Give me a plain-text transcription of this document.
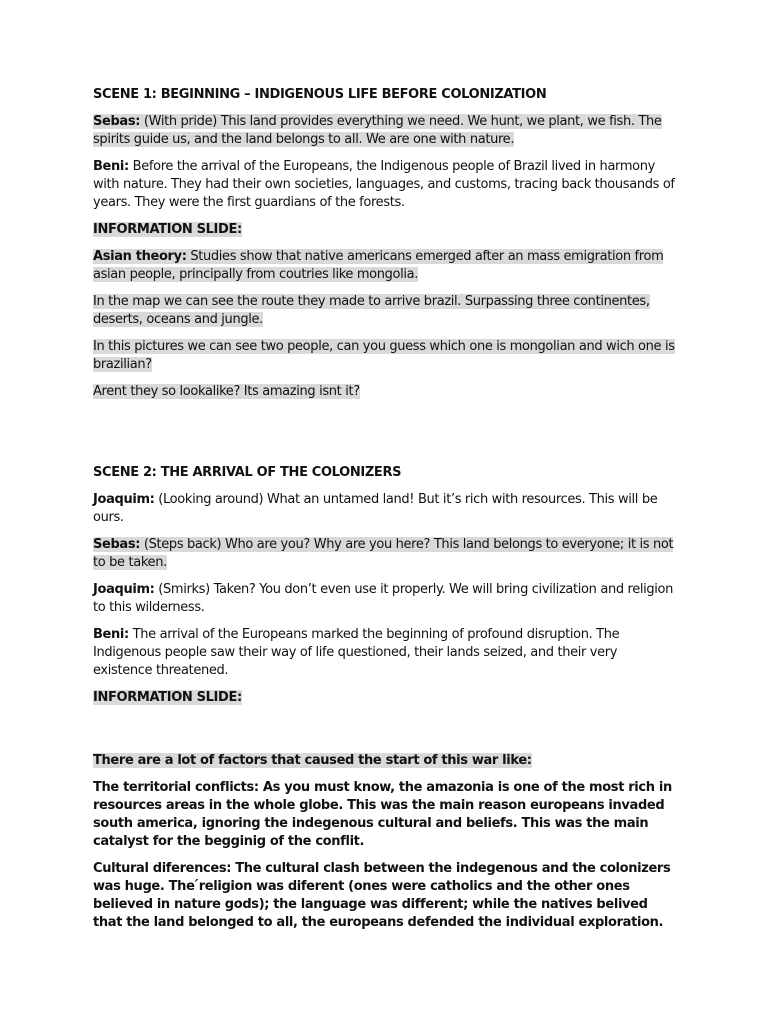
SCENE 1: BEGINNING – INDIGENOUS LIFE BEFORE COLONIZATION

Sebas: (With pride) This land provides everything we need. We hunt, we plant, we fish. The spirits guide us, and the land belongs to all. We are one with nature.

Beni: Before the arrival of the Europeans, the Indigenous people of Brazil lived in harmony with nature. They had their own societies, languages, and customs, tracing back thousands of years. They were the first guardians of the forests.

INFORMATION SLIDE:

Asian theory: Studies show that native americans emerged after an mass emigration from asian people, principally from coutries like mongolia.

In the map we can see the route they made to arrive brazil. Surpassing three continentes, deserts, oceans and jungle.

In this pictures we can see two people, can you guess which one is mongolian and wich one is brazilian?

Arent they so lookalike? Its amazing isnt it?

SCENE 2: THE ARRIVAL OF THE COLONIZERS

Joaquim: (Looking around) What an untamed land! But it’s rich with resources. This will be ours.

Sebas: (Steps back) Who are you? Why are you here? This land belongs to everyone; it is not to be taken.

Joaquim: (Smirks) Taken? You don’t even use it properly. We will bring civilization and religion to this wilderness.

Beni: The arrival of the Europeans marked the beginning of profound disruption. The Indigenous people saw their way of life questioned, their lands seized, and their very existence threatened.

INFORMATION SLIDE:

There are a lot of factors that caused the start of this war like:

The territorial conflicts: As you must know, the amazonia is one of the most rich in resources areas in the whole globe. This was the main reason europeans invaded south america, ignoring the indegenous cultural and beliefs. This was the main catalyst for the begginig of the conflit.

Cultural diferences: The cultural clash between the indegenous and the colonizers was huge. The ́religion was diferent (ones were catholics and the other ones believed in nature gods); the language was different; while the natives belived that the land belonged to all, the europeans defended the individual exploration.
